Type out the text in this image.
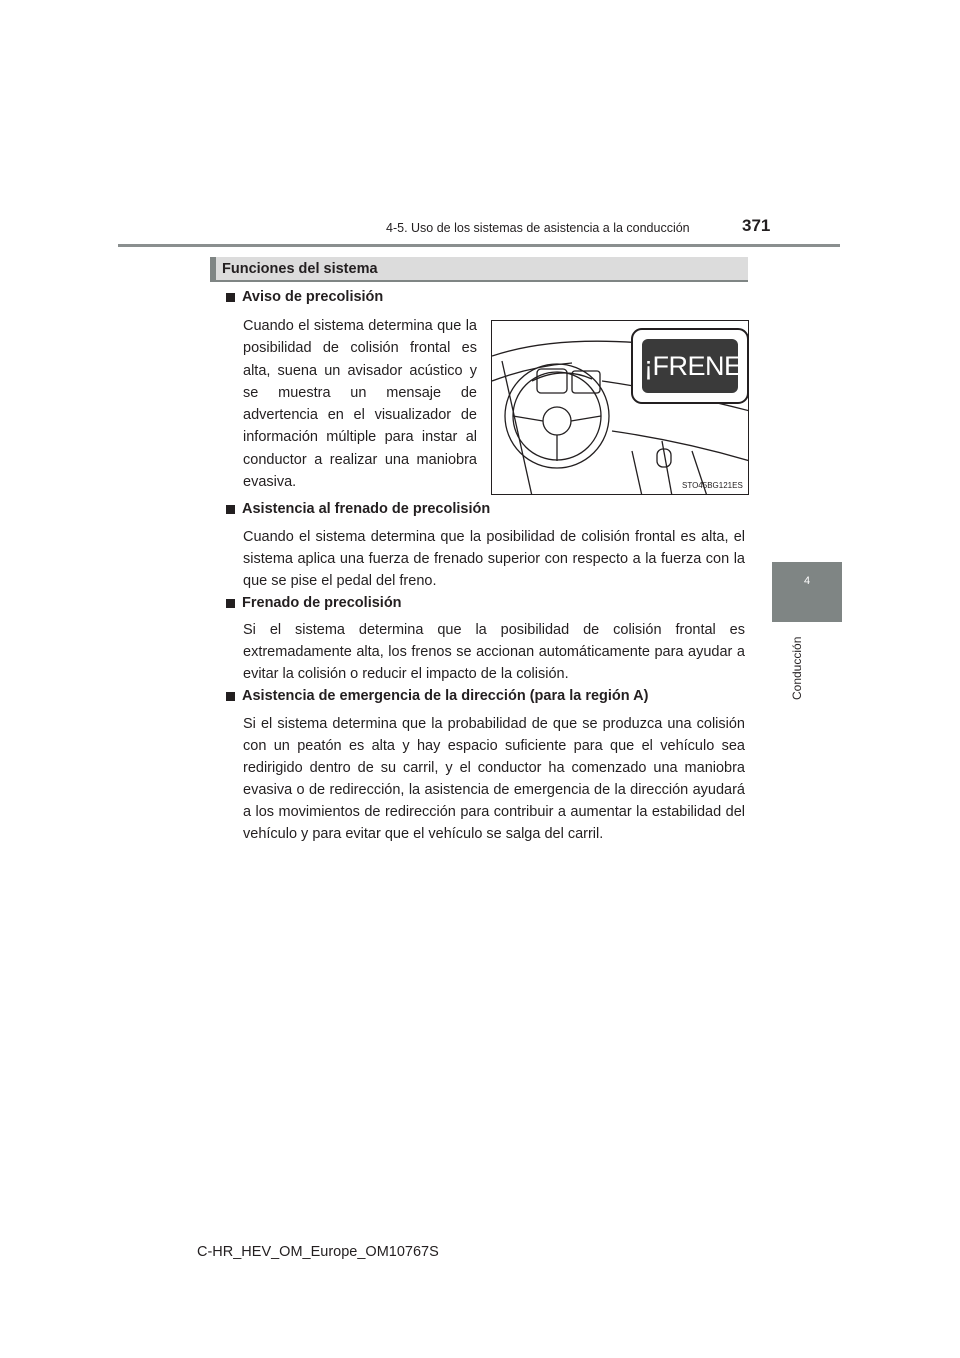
4-5. Uso de los sistemas de asistencia a la conducción	371
4
Conducción
Funciones del sistema
Aviso de precolisión
Cuando el sistema determina que la posibilidad de colisión frontal es alta, suena un avisador acústico y se muestra un mensaje de advertencia en el visualizador de información múltiple para instar al conductor a realizar una maniobra evasiva.
¡FRENE!
STO45BG121ES
Asistencia al frenado de precolisión
Cuando el sistema determina que la posibilidad de colisión frontal es alta, el sistema aplica una fuerza de frenado superior con respecto a la fuerza con la que se pise el pedal del freno.
Frenado de precolisión
Si el sistema determina que la posibilidad de colisión frontal es extremadamente alta, los frenos se accionan automáticamente para ayudar a evitar la colisión o reducir el impacto de la colisión.
Asistencia de emergencia de la dirección (para la región A)
Si el sistema determina que la probabilidad de que se produzca una colisión con un peatón es alta y hay espacio suficiente para que el vehículo sea redirigido dentro de su carril, y el conductor ha comenzado una maniobra evasiva o de redirección, la asistencia de emergencia de la dirección ayudará a los movimientos de redirección para contribuir a aumentar la estabilidad del vehículo y para evitar que el vehículo se salga del carril.
C-HR_HEV_OM_Europe_OM10767S
